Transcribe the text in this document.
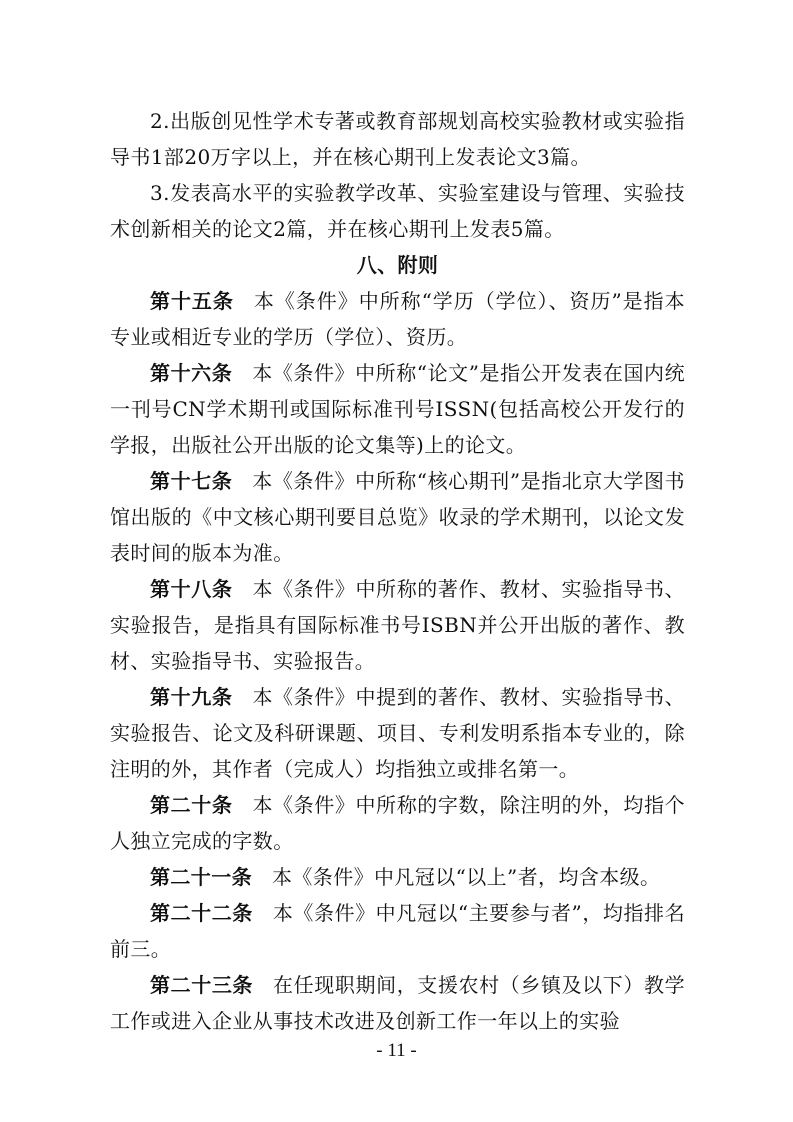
2.出版创见性学术专著或教育部规划高校实验教材或实验指导书1部20万字以上，并在核心期刊上发表论文3篇。

3.发表高水平的实验教学改革、实验室建设与管理、实验技术创新相关的论文2篇，并在核心期刊上发表5篇。

八、附则

第十五条 本《条件》中所称“学历（学位）、资历”是指本专业或相近专业的学历（学位）、资历。

第十六条 本《条件》中所称“论文”是指公开发表在国内统一刊号CN学术期刊或国际标准刊号ISSN(包括高校公开发行的学报，出版社公开出版的论文集等)上的论文。

第十七条 本《条件》中所称“核心期刊”是指北京大学图书馆出版的《中文核心期刊要目总览》收录的学术期刊，以论文发表时间的版本为准。

第十八条 本《条件》中所称的著作、教材、实验指导书、实验报告，是指具有国际标准书号ISBN并公开出版的著作、教材、实验指导书、实验报告。

第十九条 本《条件》中提到的著作、教材、实验指导书、实验报告、论文及科研课题、项目、专利发明系指本专业的，除注明的外，其作者（完成人）均指独立或排名第一。

第二十条 本《条件》中所称的字数，除注明的外，均指个人独立完成的字数。

第二十一条 本《条件》中凡冠以“以上”者，均含本级。

第二十二条 本《条件》中凡冠以“主要参与者”，均指排名前三。

第二十三条 在任现职期间，支援农村（乡镇及以下）教学工作或进入企业从事技术改进及创新工作一年以上的实验

- 11 -
